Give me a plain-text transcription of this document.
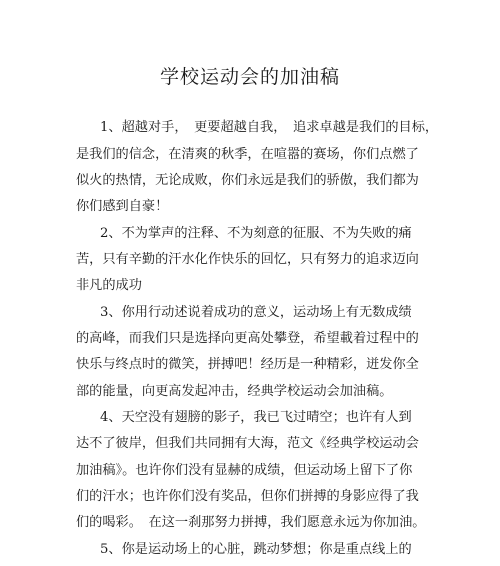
学校运动会的加油稿
1、超越对手，　更要超越自我，　追求卓越是我们的目标，
是我们的信念，在清爽的秋季，在喧嚣的赛场，你们点燃了
似火的热情，无论成败，你们永远是我们的骄傲，我们都为
你们感到自豪！
2、不为掌声的注释、不为刻意的征服、不为失败的痛
苦，只有辛勤的汗水化作快乐的回忆，只有努力的追求迈向
非凡的成功
3、你用行动述说着成功的意义，运动场上有无数成绩
的高峰，而我们只是选择向更高处攀登，希望載着过程中的
快乐与终点时的微笑，拼搏吧！经历是一种精彩，迸发你全
部的能量，向更高发起冲击，经典学校运动会加油稿。
4、天空没有翅膀的影子，我已飞过晴空；也许有人到
达不了彼岸，但我们共同拥有大海，范文《经典学校运动会
加油稿》。也许你们没有显赫的成绩，但运动场上留下了你
们的汗水；也许你们没有奖品，但你们拼搏的身影应得了我
们的喝彩。　在这一刹那努力拼搏，我们愿意永远为你加油。
5、你是运动场上的心脏，跳动梦想；你是重点线上的
